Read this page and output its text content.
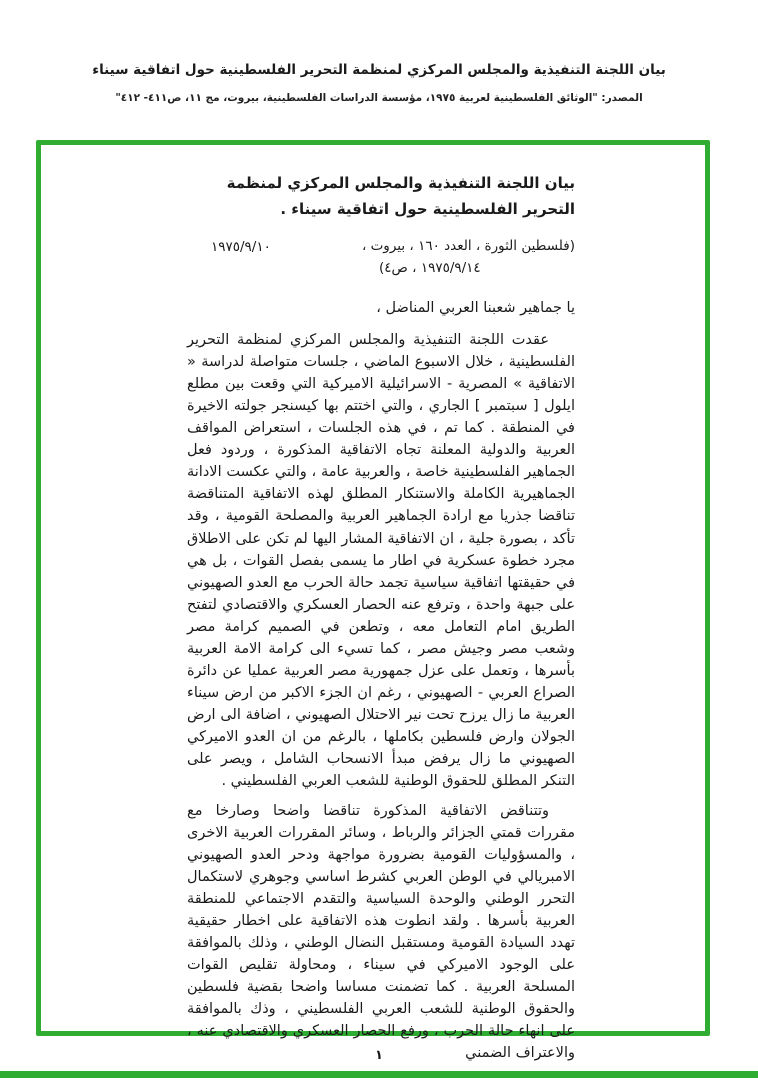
بيان اللجنة التنفيذية والمجلس المركزي لمنظمة التحرير الفلسطينية حول اتفاقية سيناء
المصدر: "الوثائق الفلسطينية لعربية ١٩٧٥، مؤسسة الدراسات الفلسطينية، بيروت، مج ١١، ص٤١١- ٤١٢"
بيان اللجنة التنفيذية والمجلس المركزي لمنظمة التحرير الفلسطينية حول اتفاقية سيناء .
(فلسطين الثورة ، العدد ١٦٠ ، بيروت ،
١٩٧٥/٩/١٤ ، ص٤)
١٩٧٥/٩/١٠

يا جماهير شعبنا العربي المناضل ،

عقدت اللجنة التنفيذية والمجلس المركزي لمنظمة التحرير الفلسطينية ، خلال الاسبوع الماضي ، جلسات متواصلة لدراسة « الاتفاقية » المصرية - الاسرائيلية الاميركية التي وقعت بين مطلع ايلول [ سبتمبر ] الجاري ، والتي اختتم بها كيسنجر جولته الاخيرة في المنطقة . كما تم ، في هذه الجلسات ، استعراض المواقف العربية والدولية المعلنة تجاه الاتفاقية المذكورة ، وردود فعل الجماهير الفلسطينية خاصة ، والعربية عامة ، والتي عكست الادانة الجماهيرية الكاملة والاستنكار المطلق لهذه الاتفاقية المتناقضة تناقضا جذريا مع ارادة الجماهير العربية والمصلحة القومية ، وقد تأكد ، بصورة جلية ، ان الاتفاقية المشار اليها لم تكن على الاطلاق مجرد خطوة عسكرية في اطار ما يسمى بفصل القوات ، بل هي في حقيقتها اتفاقية سياسية تجمد حالة الحرب مع العدو الصهيوني على جبهة واحدة ، وترفع عنه الحصار العسكري والاقتصادي لتفتح الطريق امام التعامل معه ، وتطعن في الصميم كرامة مصر وشعب مصر وجيش مصر ، كما تسيء الى كرامة الامة العربية بأسرها ، وتعمل على عزل جمهورية مصر العربية عمليا عن دائرة الصراع العربي - الصهيوني ، رغم ان الجزء الاكبر من ارض سيناء العربية ما زال يرزح تحت نير الاحتلال الصهيوني ، اضافة الى ارض الجولان وارض فلسطين بكاملها ، بالرغم من ان العدو الاميركي الصهيوني ما زال يرفض مبدأ الانسحاب الشامل ، ويصر على التنكر المطلق للحقوق الوطنية للشعب العربي الفلسطيني .

وتتناقض الاتفاقية المذكورة تناقضا واضحا وصارخا مع مقررات قمتي الجزائر والرباط ، وسائر المقررات العربية الاخرى ، والمسؤوليات القومية بضرورة مواجهة ودحر العدو الصهيوني الامبريالي في الوطن العربي كشرط اساسي وجوهري لاستكمال التحرر الوطني والوحدة السياسية والتقدم الاجتماعي للمنطقة العربية بأسرها . ولقد انطوت هذه الاتفاقية على اخطار حقيقية تهدد السيادة القومية ومستقبل النضال الوطني ، وذلك بالموافقة على الوجود الاميركي في سيناء ، ومحاولة تقليص القوات المسلحة العربية . كما تضمنت مساسا واضحا بقضية فلسطين والحقوق الوطنية للشعب العربي الفلسطيني ، وذك بالموافقة على انهاء حالة الحرب ، ورفع الحصار العسكري والاقتصادي عنه ، والاعتراف الضمني

١
